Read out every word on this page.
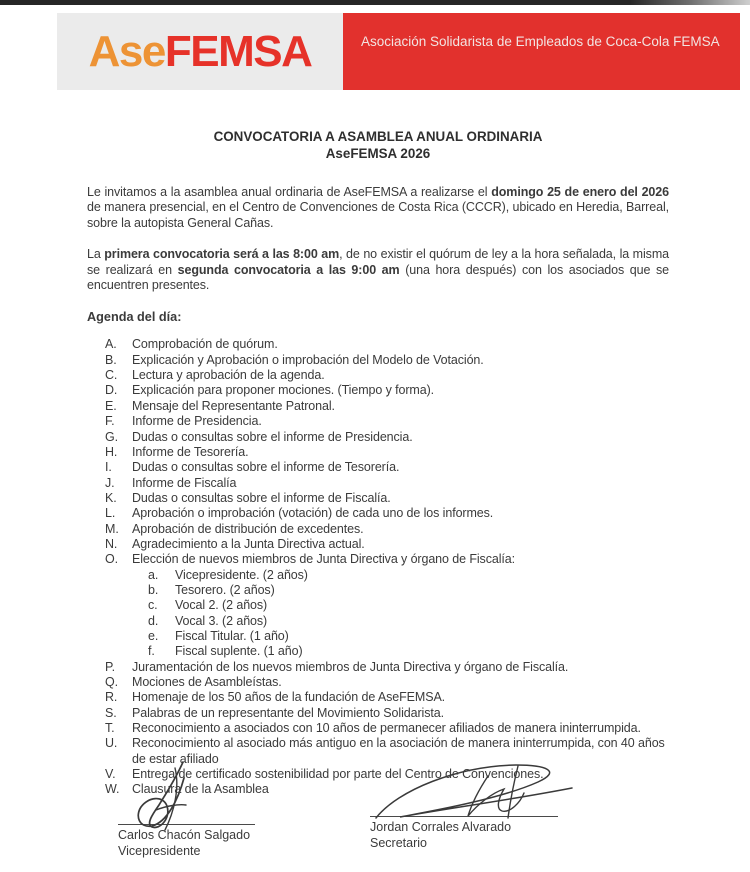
AseFEMSA	Asociación Solidarista de Empleados de Coca-Cola FEMSA
CONVOCATORIA A ASAMBLEA ANUAL ORDINARIA
AseFEMSA 2026

Le invitamos a la asamblea anual ordinaria de AseFEMSA a realizarse el domingo 25 de enero del 2026 de manera presencial, en el Centro de Convenciones de Costa Rica (CCCR), ubicado en Heredia, Barreal, sobre la autopista General Cañas.

La primera convocatoria será a las 8:00 am, de no existir el quórum de ley a la hora señalada, la misma se realizará en segunda convocatoria a las 9:00 am (una hora después) con los asociados que se encuentren presentes.

Agenda del día:
A.	Comprobación de quórum.
B.	Explicación y Aprobación o improbación del Modelo de Votación.
C.	Lectura y aprobación de la agenda.
D.	Explicación para proponer mociones. (Tiempo y forma).
E.	Mensaje del Representante Patronal.
F.	Informe de Presidencia.
G.	Dudas o consultas sobre el informe de Presidencia.
H.	Informe de Tesorería.
I.	Dudas o consultas sobre el informe de Tesorería.
J.	Informe de Fiscalía
K.	Dudas o consultas sobre el informe de Fiscalía.
L.	Aprobación o improbación (votación) de cada uno de los informes.
M.	Aprobación de distribución de excedentes.
N.	Agradecimiento a la Junta Directiva actual.
O.	Elección de nuevos miembros de Junta Directiva y órgano de Fiscalía:
a.	Vicepresidente. (2 años)
b.	Tesorero. (2 años)
c.	Vocal 2. (2 años)
d.	Vocal 3. (2 años)
e.	Fiscal Titular. (1 año)
f.	Fiscal suplente. (1 año)
P.	Juramentación de los nuevos miembros de Junta Directiva y órgano de Fiscalía.
Q.	Mociones de Asambleístas.
R.	Homenaje de los 50 años de la fundación de AseFEMSA.
S.	Palabras de un representante del Movimiento Solidarista.
T.	Reconocimiento a asociados con 10 años de permanecer afiliados de manera ininterrumpida.
U.	Reconocimiento al asociado más antiguo en la asociación de manera ininterrumpida, con 40 años de estar afiliado
V.	Entrega de certificado sostenibilidad por parte del Centro de Convenciones.
W.	Clausura de la Asamblea
Carlos Chacón Salgado
Vicepresidente
Jordan Corrales Alvarado
Secretario
